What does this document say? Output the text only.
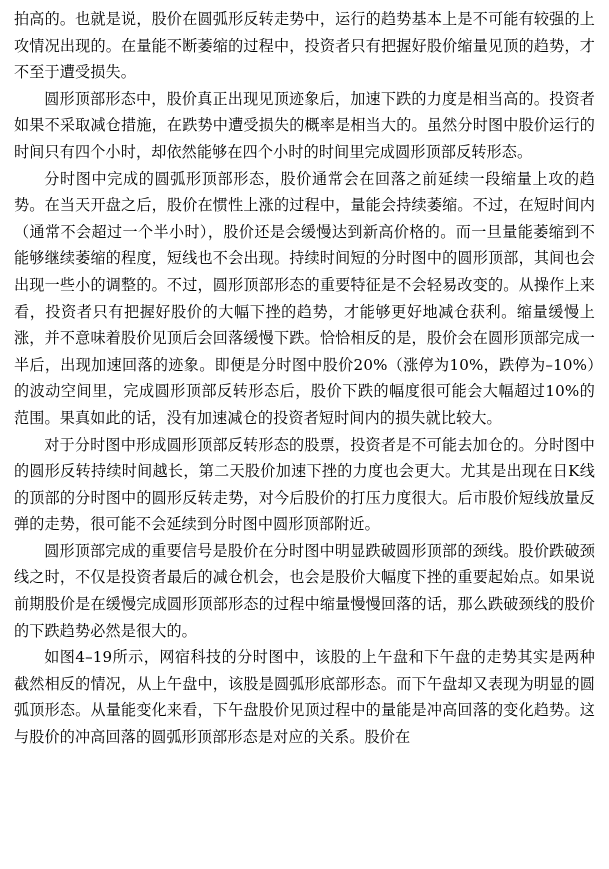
拍高的。也就是说，股价在圆弧形反转走势中，运行的趋势基本上是不可能有较强的上攻情况出现的。在量能不断萎缩的过程中，投资者只有把握好股价缩量见顶的趋势，才不至于遭受损失。

圆形顶部形态中，股价真正出现见顶迹象后，加速下跌的力度是相当高的。投资者如果不采取减仓措施，在跌势中遭受损失的概率是相当大的。虽然分时图中股价运行的时间只有四个小时，却依然能够在四个小时的时间里完成圆形顶部反转形态。

分时图中完成的圆弧形顶部形态，股价通常会在回落之前延续一段缩量上攻的趋势。在当天开盘之后，股价在惯性上涨的过程中，量能会持续萎缩。不过，在短时间内（通常不会超过一个半小时），股价还是会缓慢达到新高价格的。而一旦量能萎缩到不能够继续萎缩的程度，短线也不会出现。持续时间短的分时图中的圆形顶部，其间也会出现一些小的调整的。不过，圆形顶部形态的重要特征是不会轻易改变的。从操作上来看，投资者只有把握好股价的大幅下挫的趋势，才能够更好地减仓获利。缩量缓慢上涨，并不意味着股价见顶后会回落缓慢下跌。恰恰相反的是，股价会在圆形顶部完成一半后，出现加速回落的迹象。即便是分时图中股价20%（涨停为10%，跌停为–10%）的波动空间里，完成圆形顶部反转形态后，股价下跌的幅度很可能会大幅超过10%的范围。果真如此的话，没有加速减仓的投资者短时间内的损失就比较大。

对于分时图中形成圆形顶部反转形态的股票，投资者是不可能去加仓的。分时图中的圆形反转持续时间越长，第二天股价加速下挫的力度也会更大。尤其是出现在日K线的顶部的分时图中的圆形反转走势，对今后股价的打压力度很大。后市股价短线放量反弹的走势，很可能不会延续到分时图中圆形顶部附近。

圆形顶部完成的重要信号是股价在分时图中明显跌破圆形顶部的颈线。股价跌破颈线之时，不仅是投资者最后的减仓机会，也会是股价大幅度下挫的重要起始点。如果说前期股价是在缓慢完成圆形顶部形态的过程中缩量慢慢回落的话，那么跌破颈线的股价的下跌趋势必然是很大的。

如图4–19所示，网宿科技的分时图中，该股的上午盘和下午盘的走势其实是两种截然相反的情况，从上午盘中，该股是圆弧形底部形态。而下午盘却又表现为明显的圆弧顶形态。从量能变化来看，下午盘股价见顶过程中的量能是冲高回落的变化趋势。这与股价的冲高回落的圆弧形顶部形态是对应的关系。股价在
